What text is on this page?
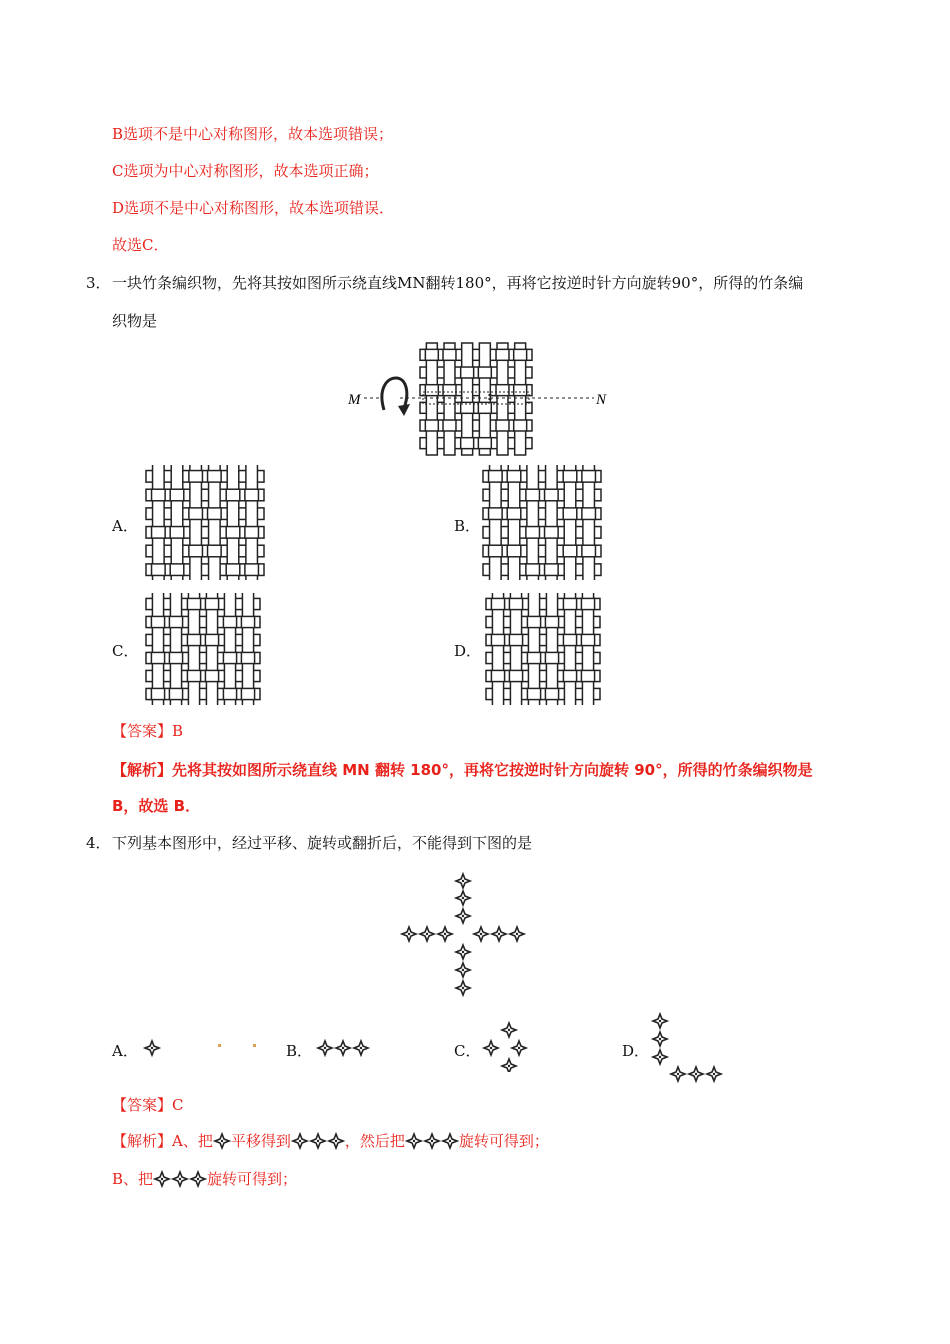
B选项不是中心对称图形，故本选项错误；
C选项为中心对称图形，故本选项正确；
D选项不是中心对称图形，故本选项错误．
故选C．
3． 一块竹条编织物，先将其按如图所示绕直线MN翻转180°，再将它按逆时针方向旋转90°，所得的竹条编
织物是
M	N
A．	B．
C．	D．
【答案】B
【解析】先将其按如图所示绕直线 MN 翻转 180°，再将它按逆时针方向旋转 90°，所得的竹条编织物是
B，故选 B．
4． 下列基本图形中，经过平移、旋转或翻折后，不能得到下图的是
A．	B．	C．	D．
【答案】C
【解析】 A、把 平移得到	，然后把	旋转可得到；
B、把	旋转可得到；
